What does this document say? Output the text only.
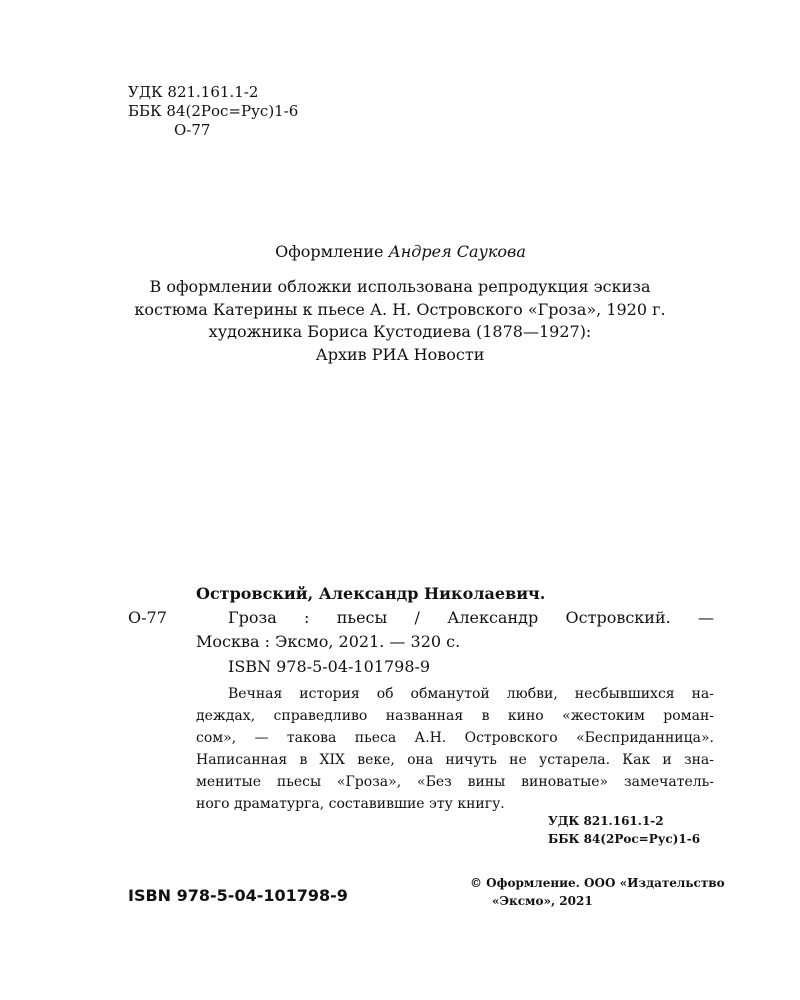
УДК 821.161.1-2
ББК 84(2Рос=Рус)1-6
О-77
Оформление Андрея Саукова
В оформлении обложки использована репродукция эскиза
костюма Катерины к пьесе А. Н. Островского «Гроза», 1920 г.
художника Бориса Кустодиева (1878—1927):
Архив РИА Новости
Островский, Александр Николаевич.
О-77	Гроза : пьесы / Александр Островский. —
Москва : Эксмо, 2021. — 320 с.
ISBN 978-5-04-101798-9
Вечная история об обманутой любви, несбывшихся на-
деждах, справедливо названная в кино «жестоким роман-
сом», — такова пьеса А.Н. Островского «Бесприданница».
Написанная в XIX веке, она ничуть не устарела. Как и зна-
менитые пьесы «Гроза», «Без вины виноватые» замечатель-
ного драматурга, составившие эту книгу.
УДК 821.161.1-2
ББК 84(2Рос=Рус)1-6
ISBN 978-5-04-101798-9
© Оформление. ООО «Издательство
«Эксмо», 2021
